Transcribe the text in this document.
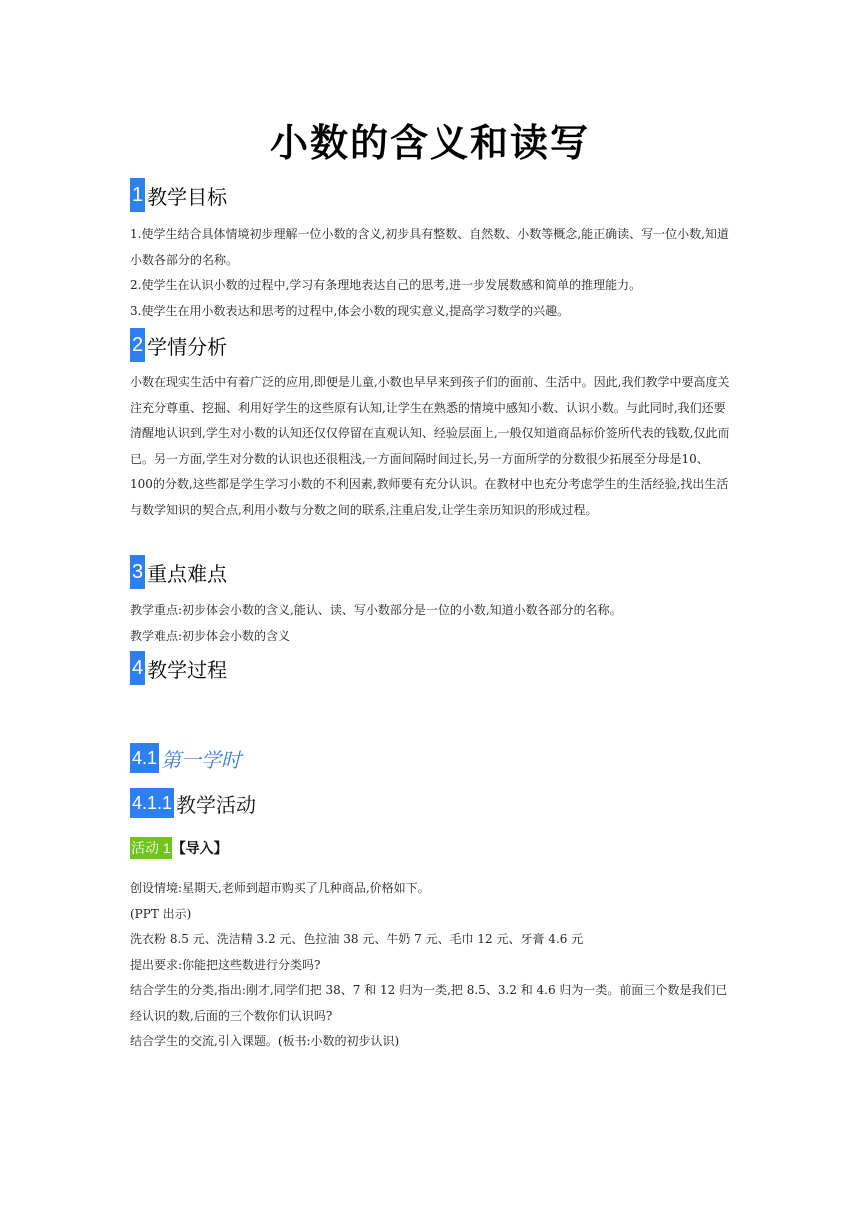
小数的含义和读写
1 教学目标

1.使学生结合具体情境初步理解一位小数的含义,初步具有整数、自然数、小数等概念,能正确读、写一位小数,知道小数各部分的名称。

2.使学生在认识小数的过程中,学习有条理地表达自己的思考,进一步发展数感和简单的推理能力。

3.使学生在用小数表达和思考的过程中,体会小数的现实意义,提高学习数学的兴趣。

2 学情分析

小数在现实生活中有着广泛的应用,即便是儿童,小数也早早来到孩子们的面前、生活中。因此,我们教学中要高度关注充分尊重、挖掘、利用好学生的这些原有认知,让学生在熟悉的情境中感知小数、认识小数。与此同时,我们还要清醒地认识到,学生对小数的认知还仅仅停留在直观认知、经验层面上,一般仅知道商品标价签所代表的钱数,仅此而已。另一方面,学生对分数的认识也还很粗浅,一方面间隔时间过长,另一方面所学的分数很少拓展至分母是10、100的分数,这些都是学生学习小数的不利因素,教师要有充分认识。在教材中也充分考虑学生的生活经验,找出生活与数学知识的契合点,利用小数与分数之间的联系,注重启发,让学生亲历知识的形成过程。

3 重点难点

教学重点:初步体会小数的含义,能认、读、写小数部分是一位的小数,知道小数各部分的名称。

教学难点:初步体会小数的含义

4 教学过程
4.1 第一学时
4.1.1 教学活动
活动 1 【导入】

创设情境:星期天,老师到超市购买了几种商品,价格如下。

(PPT 出示)

洗衣粉 8.5 元、洗洁精 3.2 元、色拉油 38 元、牛奶 7 元、毛巾 12 元、牙膏 4.6 元

提出要求:你能把这些数进行分类吗?

结合学生的分类,指出:刚才,同学们把 38、7 和 12 归为一类,把 8.5、3.2 和 4.6 归为一类。前面三个数是我们已经认识的数,后面的三个数你们认识吗?

结合学生的交流,引入课题。(板书:小数的初步认识)
